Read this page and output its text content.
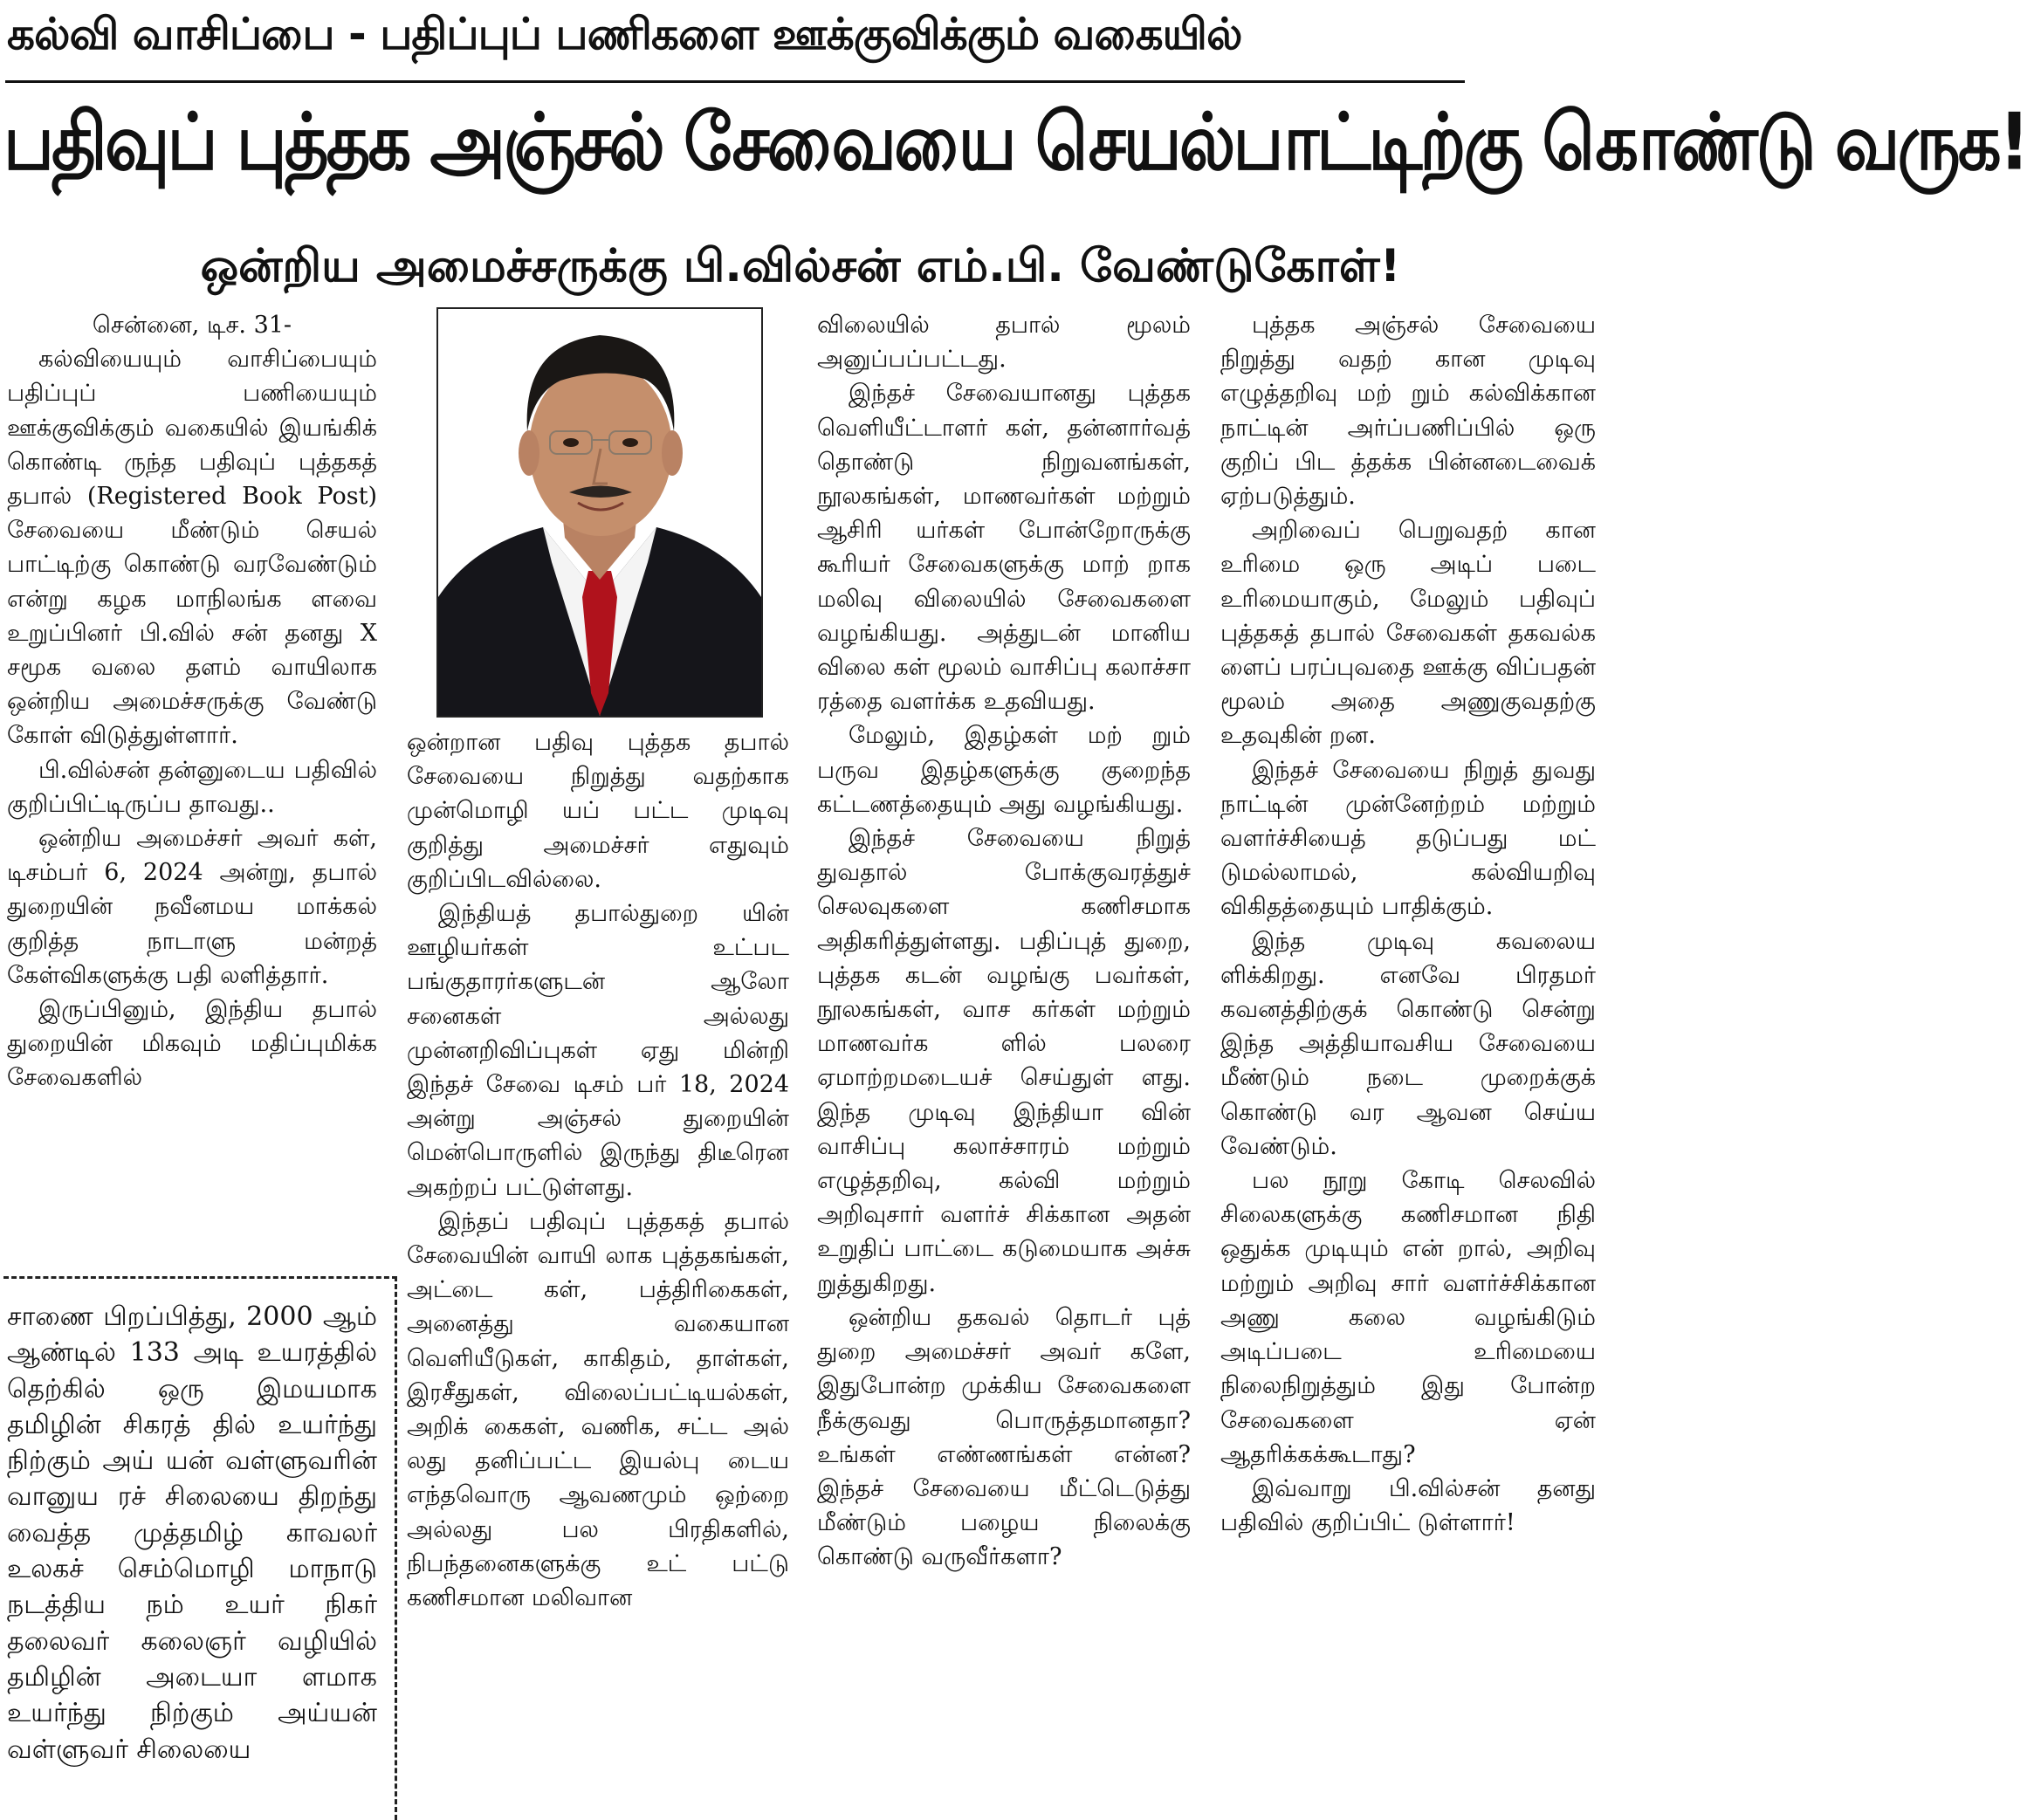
கல்வி வாசிப்பை - பதிப்புப் பணிகளை ஊக்குவிக்கும் வகையில்
பதிவுப் புத்தக அஞ்சல் சேவையை செயல்பாட்டிற்கு கொண்டு வருக!
ஒன்றிய அமைச்சருக்கு பி.வில்சன் எம்.பி. வேண்டுகோள்!

சென்னை, டிச. 31-

கல்வியையும் வாசிப்பையும் பதிப்புப் பணியையும் ஊக்குவிக்கும் வகையில் இயங்கிக் கொண்டி ருந்த பதிவுப் புத்தகத் தபால் (Registered Book Post) சேவையை மீண்டும் செயல் பாட்டிற்கு கொண்டு வரவேண்டும் என்று கழக மாநிலங்க ளவை உறுப்பினர் பி.வில் சன் தனது X சமூக வலை தளம் வாயிலாக ஒன்றிய அமைச்சருக்கு வேண்டு கோள் விடுத்துள்ளார்.

பி.வில்சன் தன்னுடைய பதிவில் குறிப்பிட்டிருப்ப தாவது..

ஒன்றிய அமைச்சர் அவர் கள், டிசம்பர் 6, 2024 அன்று, தபால் துறையின் நவீனமய மாக்கல் குறித்த நாடாளு மன்றத் கேள்விகளுக்கு பதி லளித்தார்.

இருப்பினும், இந்திய தபால் துறையின் மிகவும் மதிப்புமிக்க சேவைகளில்

ஒன்றான பதிவு புத்தக தபால் சேவையை நிறுத்து வதற்காக முன்மொழி யப் பட்ட முடிவு குறித்து அமைச்சர் எதுவும் குறிப்பிடவில்லை.

இந்தியத் தபால்துறை யின் ஊழியர்கள் உட்பட பங்குதாரர்களுடன் ஆலோ சனைகள் அல்லது முன்னறிவிப்புகள் ஏது மின்றி இந்தச் சேவை டிசம் பர் 18, 2024 அன்று அஞ்சல் துறையின் மென்பொருளில் இருந்து திடீரென அகற்றப் பட்டுள்ளது.

இந்தப் பதிவுப் புத்தகத் தபால் சேவையின் வாயி லாக புத்தகங்கள், அட்டை கள், பத்திரிகைகள், அனைத்து வகையான வெளியீடுகள், காகிதம், தாள்கள், இரசீதுகள், விலைப்பட்டியல்கள், அறிக் கைகள், வணிக, சட்ட அல் லது தனிப்பட்ட இயல்பு டைய எந்தவொரு ஆவணமும் ஒற்றை அல்லது பல பிரதிகளில், நிபந்தனைகளுக்கு உட் பட்டு கணிசமான மலிவான

விலையில் தபால் மூலம் அனுப்பப்பட்டது.

இந்தச் சேவையானது புத்தக வெளியீட்டாளர் கள், தன்னார்வத் தொண்டு நிறுவனங்கள், நூலகங்கள், மாணவர்கள் மற்றும் ஆசிரி யர்கள் போன்றோருக்கு கூரியர் சேவைகளுக்கு மாற் றாக மலிவு விலையில் சேவைகளை வழங்கியது. அத்துடன் மானிய விலை கள் மூலம் வாசிப்பு கலாச்சா ரத்தை வளர்க்க உதவியது.

மேலும், இதழ்கள் மற் றும் பருவ இதழ்களுக்கு குறைந்த கட்டணத்தையும் அது வழங்கியது.

இந்தச் சேவையை நிறுத் துவதால் போக்குவரத்துச் செலவுகளை கணிசமாக அதிகரித்துள்ளது. பதிப்புத் துறை, புத்தக கடன் வழங்கு பவர்கள், நூலகங்கள், வாச கர்கள் மற்றும் மாணவர்க ளில் பலரை ஏமாற்றமடையச் செய்துள் ளது. இந்த முடிவு இந்தியா வின் வாசிப்பு கலாச்சாரம் மற்றும் எழுத்தறிவு, கல்வி மற்றும் அறிவுசார் வளர்ச் சிக்கான அதன் உறுதிப் பாட்டை கடுமையாக அச்சு றுத்துகிறது.

ஒன்றிய தகவல் தொடர் புத் துறை அமைச்சர் அவர் களே, இதுபோன்ற முக்கிய சேவைகளை நீக்குவது பொருத்தமானதா? உங்கள் எண்ணங்கள் என்ன? இந்தச் சேவையை மீட்டெடுத்து மீண்டும் பழைய நிலைக்கு கொண்டு வருவீர்களா?

புத்தக அஞ்சல் சேவையை நிறுத்து வதற் கான முடிவு எழுத்தறிவு மற் றும் கல்விக்கான நாட்டின் அர்ப்பணிப்பில் ஒரு குறிப் பிட த்தக்க பின்னடைவைக் ஏற்படுத்தும்.

அறிவைப் பெறுவதற் கான உரிமை ஒரு அடிப் படை உரிமையாகும், மேலும் பதிவுப் புத்தகத் தபால் சேவைகள் தகவல்க ளைப் பரப்புவதை ஊக்கு விப்பதன் மூலம் அதை அணுகுவதற்கு உதவுகின் றன.

இந்தச் சேவையை நிறுத் துவது நாட்டின் முன்னேற்றம் மற்றும் வளர்ச்சியைத் தடுப்பது மட் டுமல்லாமல், கல்வியறிவு விகிதத்தையும் பாதிக்கும்.

இந்த முடிவு கவலைய ளிக்கிறது. எனவே பிரதமர் கவனத்திற்குக் கொண்டு சென்று இந்த அத்தியாவசிய சேவையை மீண்டும் நடை முறைக்குக் கொண்டு வர ஆவன செய்ய வேண்டும்.

பல நூறு கோடி செலவில் சிலைகளுக்கு கணிசமான நிதி ஒதுக்க முடியும் என் றால், அறிவு மற்றும் அறிவு சார் வளர்ச்சிக்கான அணு கலை வழங்கிடும் அடிப்படை உரிமையை நிலைநிறுத்தும் இது போன்ற சேவைகளை ஏன் ஆதரிக்கக்கூடாது?

இவ்வாறு பி.வில்சன் தனது பதிவில் குறிப்பிட் டுள்ளார்!

சாணை பிறப்பித்து, 2000 ஆம் ஆண்டில் 133 அடி உயரத்தில் தெற்கில் ஒரு இமயமாக தமிழின் சிகரத் தில் உயர்ந்து நிற்கும் அய் யன் வள்ளுவரின் வானுய ரச் சிலையை திறந்து வைத்த முத்தமிழ் காவலர் உலகச் செம்மொழி மாநாடு நடத்திய நம் உயர் நிகர் தலைவர் கலைஞர் வழியில் தமிழின் அடையா ளமாக உயர்ந்து நிற்கும் அய்யன் வள்ளுவர் சிலையை
